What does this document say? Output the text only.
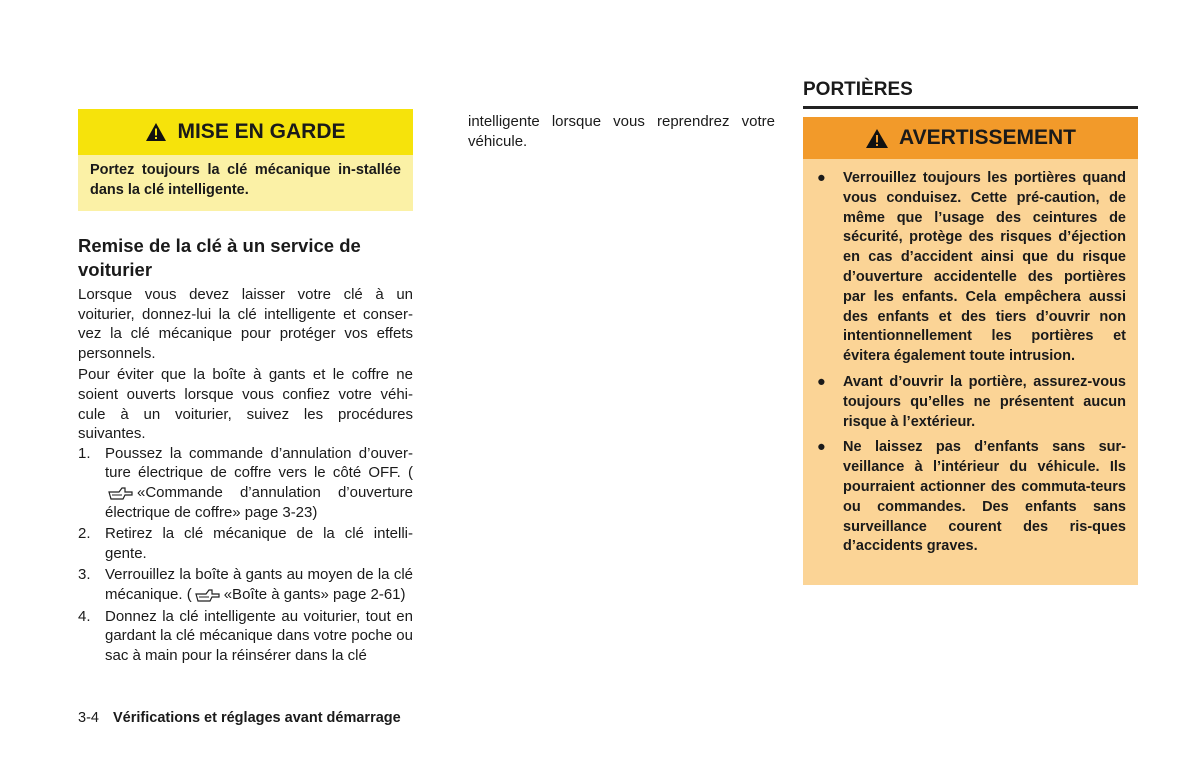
MISE EN GARDE
Portez toujours la clé mécanique in-stallée dans la clé intelligente.
Remise de la clé à un service de voiturier

Lorsque vous devez laisser votre clé à un voiturier, donnez-lui la clé intelligente et conser-vez la clé mécanique pour protéger vos effets personnels.

Pour éviter que la boîte à gants et le coffre ne soient ouverts lorsque vous confiez votre véhi-cule à un voiturier, suivez les procédures suivantes.

1. Poussez la commande d’annulation d’ouver-ture électrique de coffre vers le côté OFF. («Commande d’annulation d’ouverture électrique de coffre» page 3-23)
2. Retirez la clé mécanique de la clé intelli-gente.
3. Verrouillez la boîte à gants au moyen de la clé mécanique. ( «Boîte à gants» page 2-61)
4. Donnez la clé intelligente au voiturier, tout en gardant la clé mécanique dans votre poche ou sac à main pour la réinsérer dans la clé

intelligente lorsque vous reprendrez votre véhicule.

PORTIÈRES
AVERTISSEMENT
● Verrouillez toujours les portières quand vous conduisez. Cette pré-caution, de même que l’usage des ceintures de sécurité, protège des risques d’éjection en cas d’accident ainsi que du risque d’ouverture accidentelle des portières par les enfants. Cela empêchera aussi des enfants et des tiers d’ouvrir non intentionnellement les portières et évitera également toute intrusion.
● Avant d’ouvrir la portière, assurez-vous toujours qu’elles ne présentent aucun risque à l’extérieur.
● Ne laissez pas d’enfants sans sur-veillance à l’intérieur du véhicule. Ils pourraient actionner des commuta-teurs ou commandes. Des enfants sans surveillance courent des ris-ques d’accidents graves.
3-4 Vérifications et réglages avant démarrage
